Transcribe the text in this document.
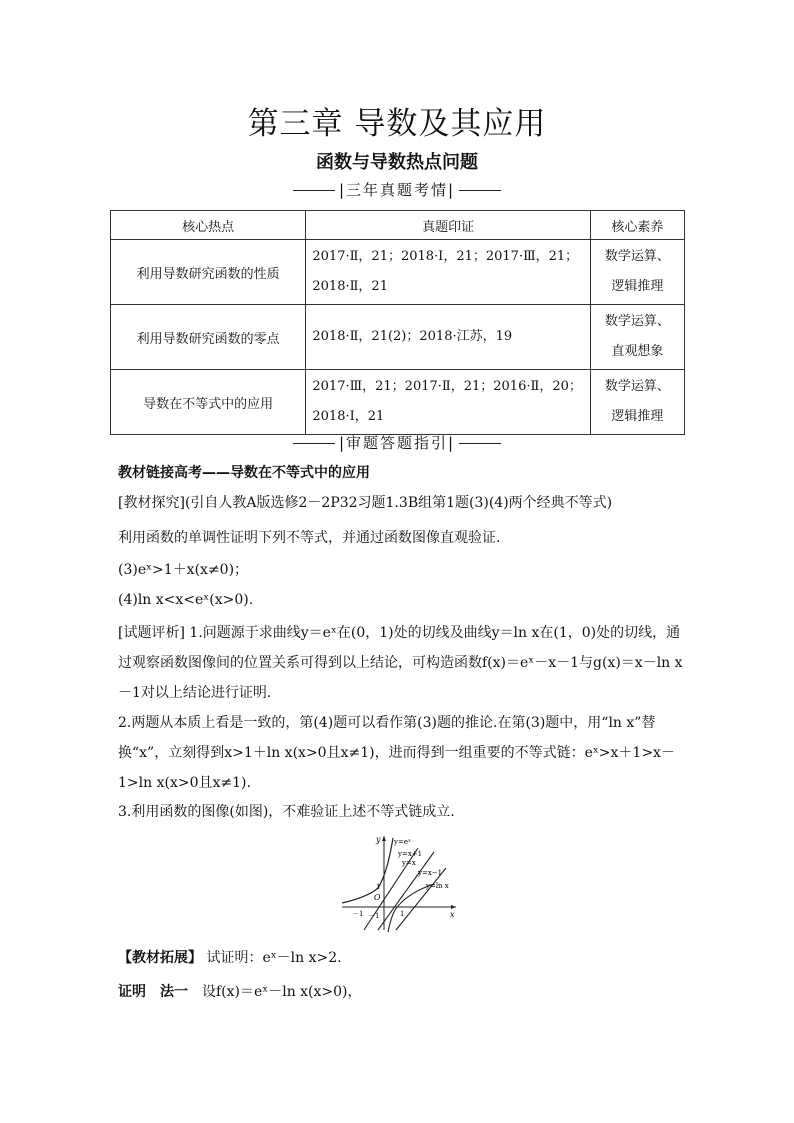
第三章 导数及其应用
函数与导数热点问题
|三年真题考情|
核心热点	真题印证	核心素养
利用导数研究函数的性质	2017·Ⅱ，21；2018·Ⅰ，21；2017·Ⅲ，21；2018·Ⅱ，21	数学运算、
逻辑推理
利用导数研究函数的零点	2018·Ⅱ，21(2)；2018·江苏，19	数学运算、
直观想象
导数在不等式中的应用	2017·Ⅲ，21；2017·Ⅱ，21；2016·Ⅱ，20；2018·Ⅰ，21	数学运算、
逻辑推理
|审题答题指引|
教材链接高考——导数在不等式中的应用
[教材探究](引自人教A版选修2－2P32习题1.3B组第1题(3)(4)两个经典不等式)
利用函数的单调性证明下列不等式，并通过函数图像直观验证.
(3)eˣ>1＋x(x≠0)；
(4)ln x<x<eˣ(x>0).
[试题评析] 1.问题源于求曲线y＝eˣ在(0，1)处的切线及曲线y＝ln x在(1，0)处的切线，通过观察函数图像间的位置关系可得到以上结论，可构造函数f(x)＝eˣ－x－1与g(x)＝x－ln x－1对以上结论进行证明.
2.两题从本质上看是一致的，第(4)题可以看作第(3)题的推论.在第(3)题中，用“ln x”替换“x”，立刻得到x>1＋ln x(x>0且x≠1)，进而得到一组重要的不等式链：eˣ>x＋1>x－1>ln x(x>0且x≠1).
3.利用函数的图像(如图)，不难验证上述不等式链成立.
y
x
O
1
－1
－1	1
y=eˣ
y=x+1
y=x
y=x−1
y=ln x
【教材拓展】 试证明：eˣ－ln x>2.
证明　法一　设f(x)＝eˣ－ln x(x>0)，
